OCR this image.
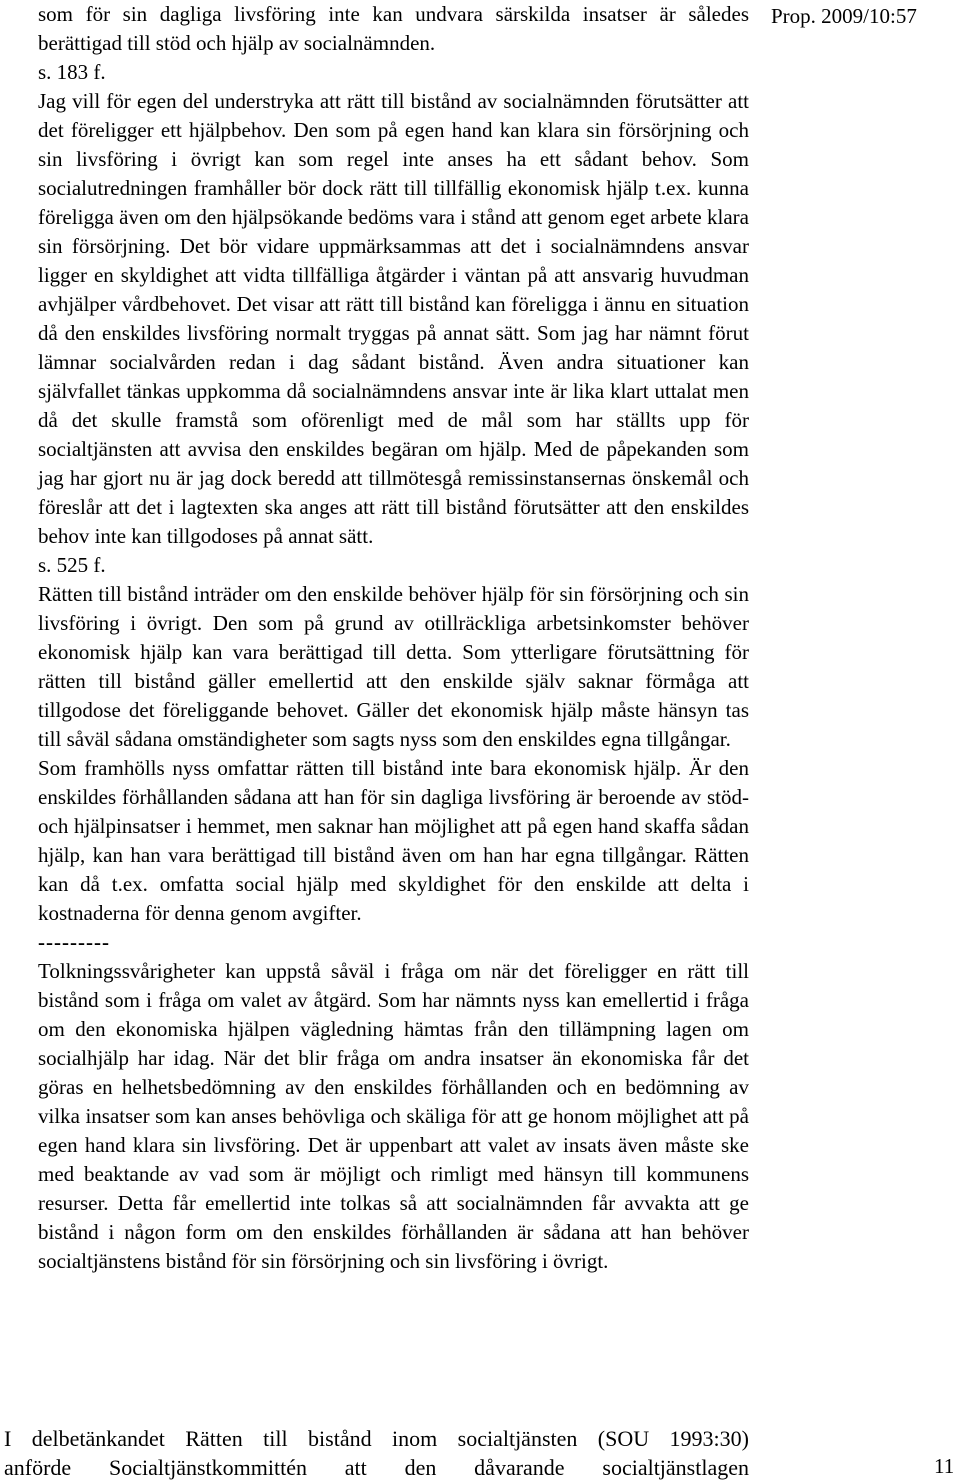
Prop. 2009/10:57

som för sin dagliga livsföring inte kan undvara särskilda insatser är således berättigad till stöd och hjälp av socialnämnden.

s. 183 f.

Jag vill för egen del understryka att rätt till bistånd av socialnämnden förutsätter att det föreligger ett hjälpbehov. Den som på egen hand kan klara sin försörjning och sin livsföring i övrigt kan som regel inte anses ha ett sådant behov. Som socialutredningen framhåller bör dock rätt till tillfällig ekonomisk hjälp t.ex. kunna föreligga även om den hjälpsökande bedöms vara i stånd att genom eget arbete klara sin försörjning. Det bör vidare uppmärksammas att det i socialnämndens ansvar ligger en skyldighet att vidta tillfälliga åtgärder i väntan på att ansvarig huvudman avhjälper vårdbehovet. Det visar att rätt till bistånd kan föreligga i ännu en situation då den enskildes livsföring normalt tryggas på annat sätt. Som jag har nämnt förut lämnar socialvården redan i dag sådant bistånd. Även andra situationer kan självfallet tänkas uppkomma då socialnämndens ansvar inte är lika klart uttalat men då det skulle framstå som oförenligt med de mål som har ställts upp för socialtjänsten att avvisa den enskildes begäran om hjälp. Med de påpekanden som jag har gjort nu är jag dock beredd att tillmötesgå remissinstansernas önskemål och föreslår att det i lagtexten ska anges att rätt till bistånd förutsätter att den enskildes behov inte kan tillgodoses på annat sätt.

s. 525 f.

Rätten till bistånd inträder om den enskilde behöver hjälp för sin försörjning och sin livsföring i övrigt. Den som på grund av otillräckliga arbetsinkomster behöver ekonomisk hjälp kan vara berättigad till detta. Som ytterligare förutsättning för rätten till bistånd gäller emellertid att den enskilde själv saknar förmåga att tillgodose det föreliggande behovet. Gäller det ekonomisk hjälp måste hänsyn tas till såväl sådana omständigheter som sagts nyss som den enskildes egna tillgångar.

Som framhölls nyss omfattar rätten till bistånd inte bara ekonomisk hjälp. Är den enskildes förhållanden sådana att han för sin dagliga livsföring är beroende av stöd- och hjälpinsatser i hemmet, men saknar han möjlighet att på egen hand skaffa sådan hjälp, kan han vara berättigad till bistånd även om han har egna tillgångar. Rätten kan då t.ex. omfatta social hjälp med skyldighet för den enskilde att delta i kostnaderna för denna genom avgifter.

---------

Tolkningssvårigheter kan uppstå såväl i fråga om när det föreligger en rätt till bistånd som i fråga om valet av åtgärd. Som har nämnts nyss kan emellertid i fråga om den ekonomiska hjälpen vägledning hämtas från den tillämpning lagen om socialhjälp har idag. När det blir fråga om andra insatser än ekonomiska får det göras en helhetsbedömning av den enskildes förhållanden och en bedömning av vilka insatser som kan anses behövliga och skäliga för att ge honom möjlighet att på egen hand klara sin livsföring. Det är uppenbart att valet av insats även måste ske med beaktande av vad som är möjligt och rimligt med hänsyn till kommunens resurser. Detta får emellertid inte tolkas så att socialnämnden får avvakta att ge bistånd i någon form om den enskildes förhållanden är sådana att han behöver socialtjänstens bistånd för sin försörjning och sin livsföring i övrigt.

I delbetänkandet Rätten till bistånd inom socialtjänsten (SOU 1993:30)
anförde Socialtjänstkommittén att den dåvarande socialtjänstlagen	11
